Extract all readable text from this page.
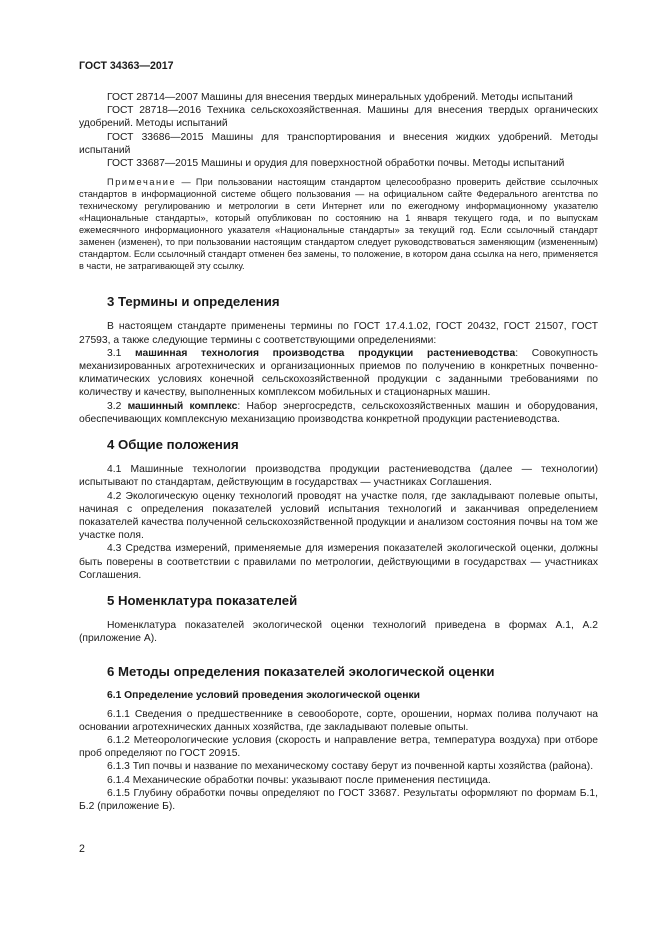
ГОСТ 34363—2017

ГОСТ 28714—2007 Машины для внесения твердых минеральных удобрений. Методы испытаний

ГОСТ 28718—2016 Техника сельскохозяйственная. Машины для внесения твердых органических удобрений. Методы испытаний

ГОСТ 33686—2015 Машины для транспортирования и внесения жидких удобрений. Методы испытаний

ГОСТ 33687—2015 Машины и орудия для поверхностной обработки почвы. Методы испытаний

Примечание — При пользовании настоящим стандартом целесообразно проверить действие ссылочных стандартов в информационной системе общего пользования — на официальном сайте Федерального агентства по техническому регулированию и метрологии в сети Интернет или по ежегодному информационному указателю «Национальные стандарты», который опубликован по состоянию на 1 января текущего года, и по выпускам ежемесячного информационного указателя «Национальные стандарты» за текущий год. Если ссылочный стандарт заменен (изменен), то при пользовании настоящим стандартом следует руководствоваться заменяющим (измененным) стандартом. Если ссылочный стандарт отменен без замены, то положение, в котором дана ссылка на него, применяется в части, не затрагивающей эту ссылку.

3 Термины и определения

В настоящем стандарте применены термины по ГОСТ 17.4.1.02, ГОСТ 20432, ГОСТ 21507, ГОСТ 27593, а также следующие термины с соответствующими определениями:

3.1 машинная технология производства продукции растениеводства: Совокупность механизированных агротехнических и организационных приемов по получению в конкретных почвенно-климатических условиях конечной сельскохозяйственной продукции с заданными требованиями по количеству и качеству, выполненных комплексом мобильных и стационарных машин.

3.2 машинный комплекс: Набор энергосредств, сельскохозяйственных машин и оборудования, обеспечивающих комплексную механизацию производства конкретной продукции растениеводства.

4 Общие положения

4.1 Машинные технологии производства продукции растениеводства (далее — технологии) испытывают по стандартам, действующим в государствах — участниках Соглашения.

4.2 Экологическую оценку технологий проводят на участке поля, где закладывают полевые опыты, начиная с определения показателей условий испытания технологий и заканчивая определением показателей качества полученной сельскохозяйственной продукции и анализом состояния почвы на том же участке поля.

4.3 Средства измерений, применяемые для измерения показателей экологической оценки, должны быть поверены в соответствии с правилами по метрологии, действующими в государствах — участниках Соглашения.

5 Номенклатура показателей

Номенклатура показателей экологической оценки технологий приведена в формах А.1, А.2 (приложение А).

6 Методы определения показателей экологической оценки
6.1 Определение условий проведения экологической оценки

6.1.1 Сведения о предшественнике в севообороте, сорте, орошении, нормах полива получают на основании агротехнических данных хозяйства, где закладывают полевые опыты.

6.1.2 Метеорологические условия (скорость и направление ветра, температура воздуха) при отборе проб определяют по ГОСТ 20915.

6.1.3 Тип почвы и название по механическому составу берут из почвенной карты хозяйства (района).

6.1.4 Механические обработки почвы: указывают после применения пестицида.

6.1.5 Глубину обработки почвы определяют по ГОСТ 33687. Результаты оформляют по формам Б.1, Б.2 (приложение Б).

2
